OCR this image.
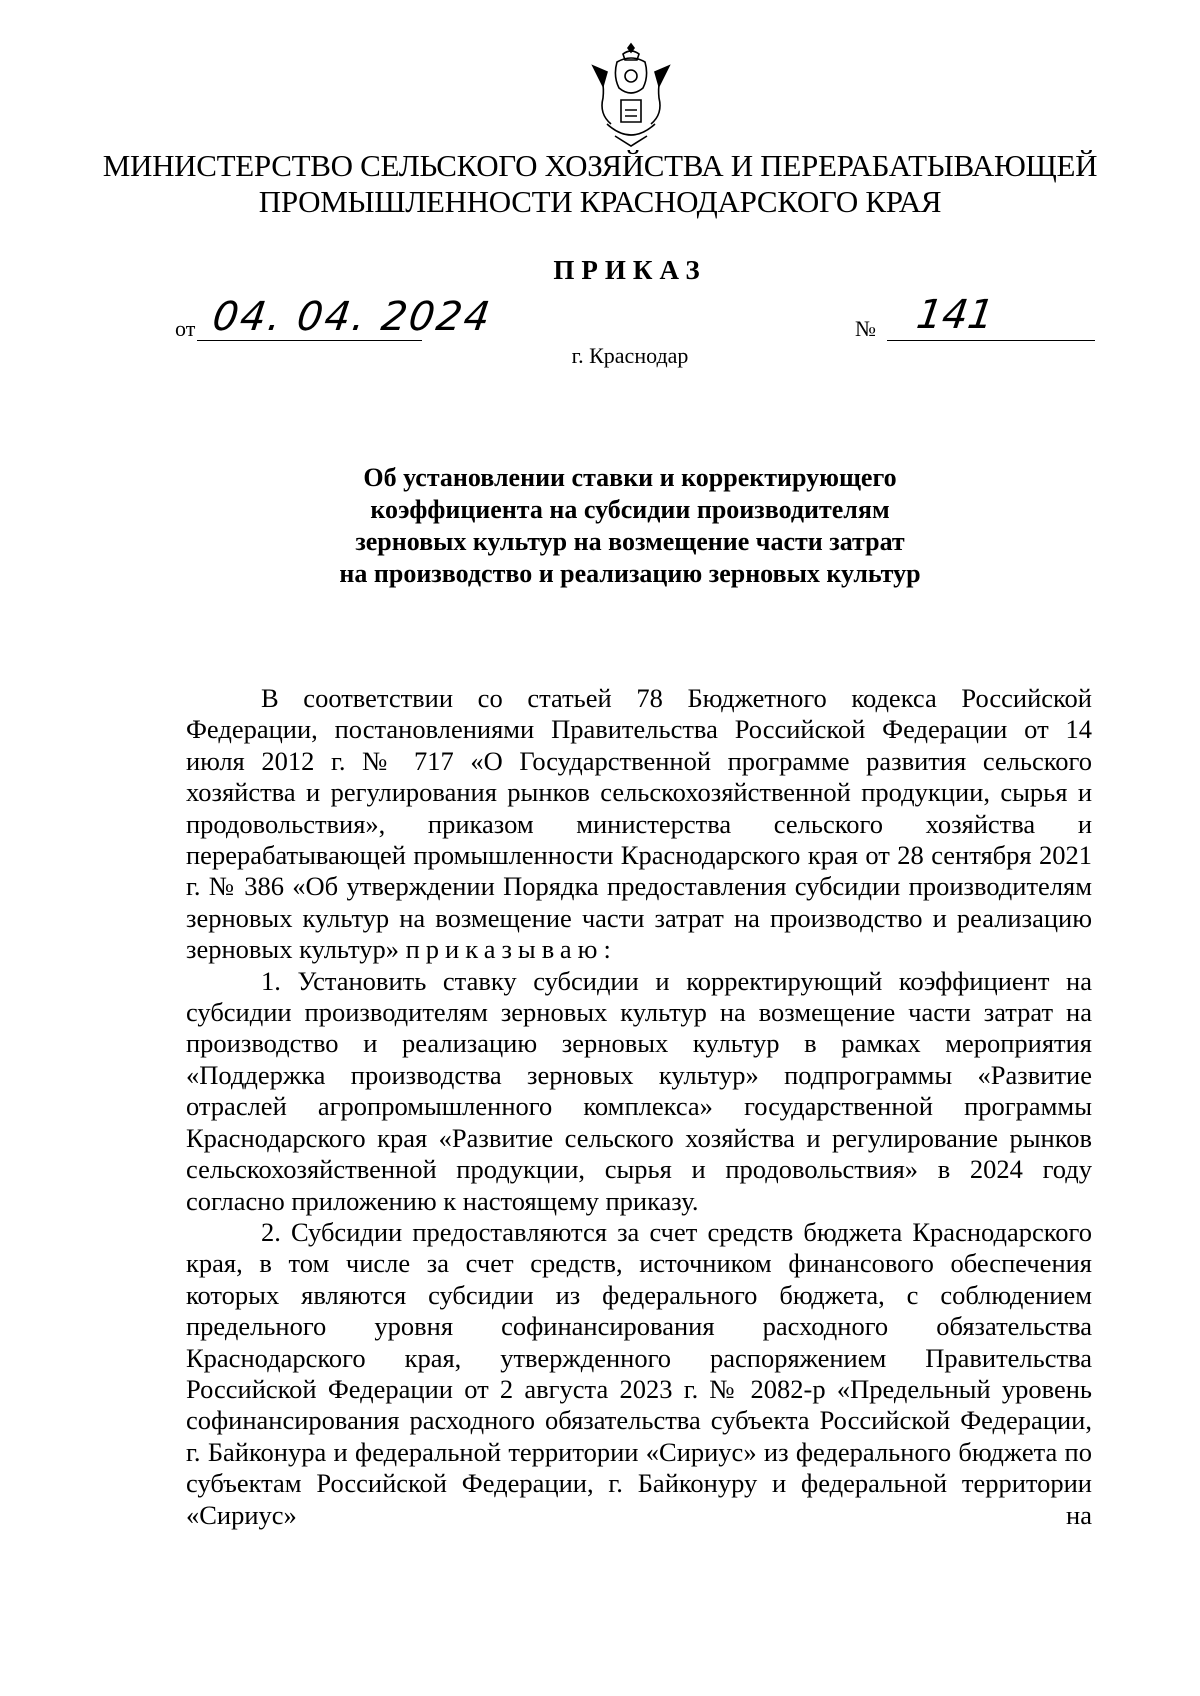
МИНИСТЕРСТВО СЕЛЬСКОГО ХОЗЯЙСТВА И ПЕРЕРАБАТЫВАЮЩЕЙ
ПРОМЫШЛЕННОСТИ КРАСНОДАРСКОГО КРАЯ
ПРИКАЗ
от 04. 04. 2024	№ 141
г. Краснодар
Об установлении ставки и корректирующего
коэффициента на субсидии производителям
зерновых культур на возмещение части затрат
на производство и реализацию зерновых культур

В соответствии со статьей 78 Бюджетного кодекса Российской Федерации, постановлениями Правительства Российской Федерации от 14 июля 2012 г. № 717 «О Государственной программе развития сельского хозяйства и регулирования рынков сельскохозяйственной продукции, сырья и продовольствия», приказом министерства сельского хозяйства и перерабатывающей промышленности Краснодарского края от 28 сентября 2021 г. № 386 «Об утверждении Порядка предоставления субсидии производителям зерновых культур на возмещение части затрат на производство и реализацию зерновых культур» приказываю:

1. Установить ставку субсидии и корректирующий коэффициент на субсидии производителям зерновых культур на возмещение части затрат на производство и реализацию зерновых культур в рамках мероприятия «Поддержка производства зерновых культур» подпрограммы «Развитие отраслей агропромышленного комплекса» государственной программы Краснодарского края «Развитие сельского хозяйства и регулирование рынков сельскохозяйственной продукции, сырья и продовольствия» в 2024 году согласно приложению к настоящему приказу.

2. Субсидии предоставляются за счет средств бюджета Краснодарского края, в том числе за счет средств, источником финансового обеспечения которых являются субсидии из федерального бюджета, с соблюдением предельного уровня софинансирования расходного обязательства Краснодарского края, утвержденного распоряжением Правительства Российской Федерации от 2 августа 2023 г. № 2082-р «Предельный уровень софинансирования расходного обязательства субъекта Российской Федерации, г. Байконура и федеральной территории «Сириус» из федерального бюджета по субъектам Российской Федерации, г. Байконуру и федеральной территории «Сириус» на
